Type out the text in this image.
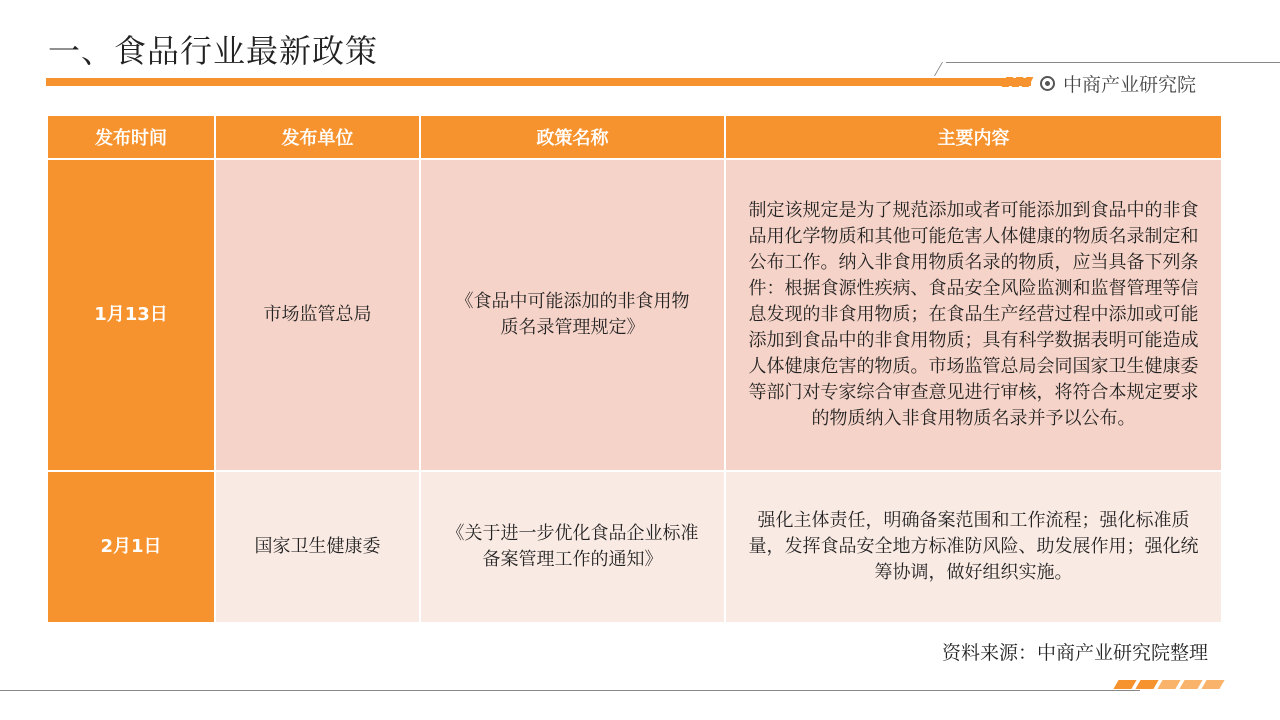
一、食品行业最新政策
中商产业研究院
发布时间	发布单位	政策名称	主要内容
1月13日	市场监管总局	《食品中可能添加的非食用物质名录管理规定》	制定该规定是为了规范添加或者可能添加到食品中的非食品用化学物质和其他可能危害人体健康的物质名录制定和公布工作。纳入非食用物质名录的物质，应当具备下列条件：根据食源性疾病、食品安全风险监测和监督管理等信息发现的非食用物质；在食品生产经营过程中添加或可能添加到食品中的非食用物质；具有科学数据表明可能造成人体健康危害的物质。市场监管总局会同国家卫生健康委等部门对专家综合审查意见进行审核，将符合本规定要求的物质纳入非食用物质名录并予以公布。
2月1日	国家卫生健康委	《关于进一步优化食品企业标准备案管理工作的通知》	强化主体责任，明确备案范围和工作流程；强化标准质量，发挥食品安全地方标准防风险、助发展作用；强化统筹协调，做好组织实施。
资料来源：中商产业研究院整理
